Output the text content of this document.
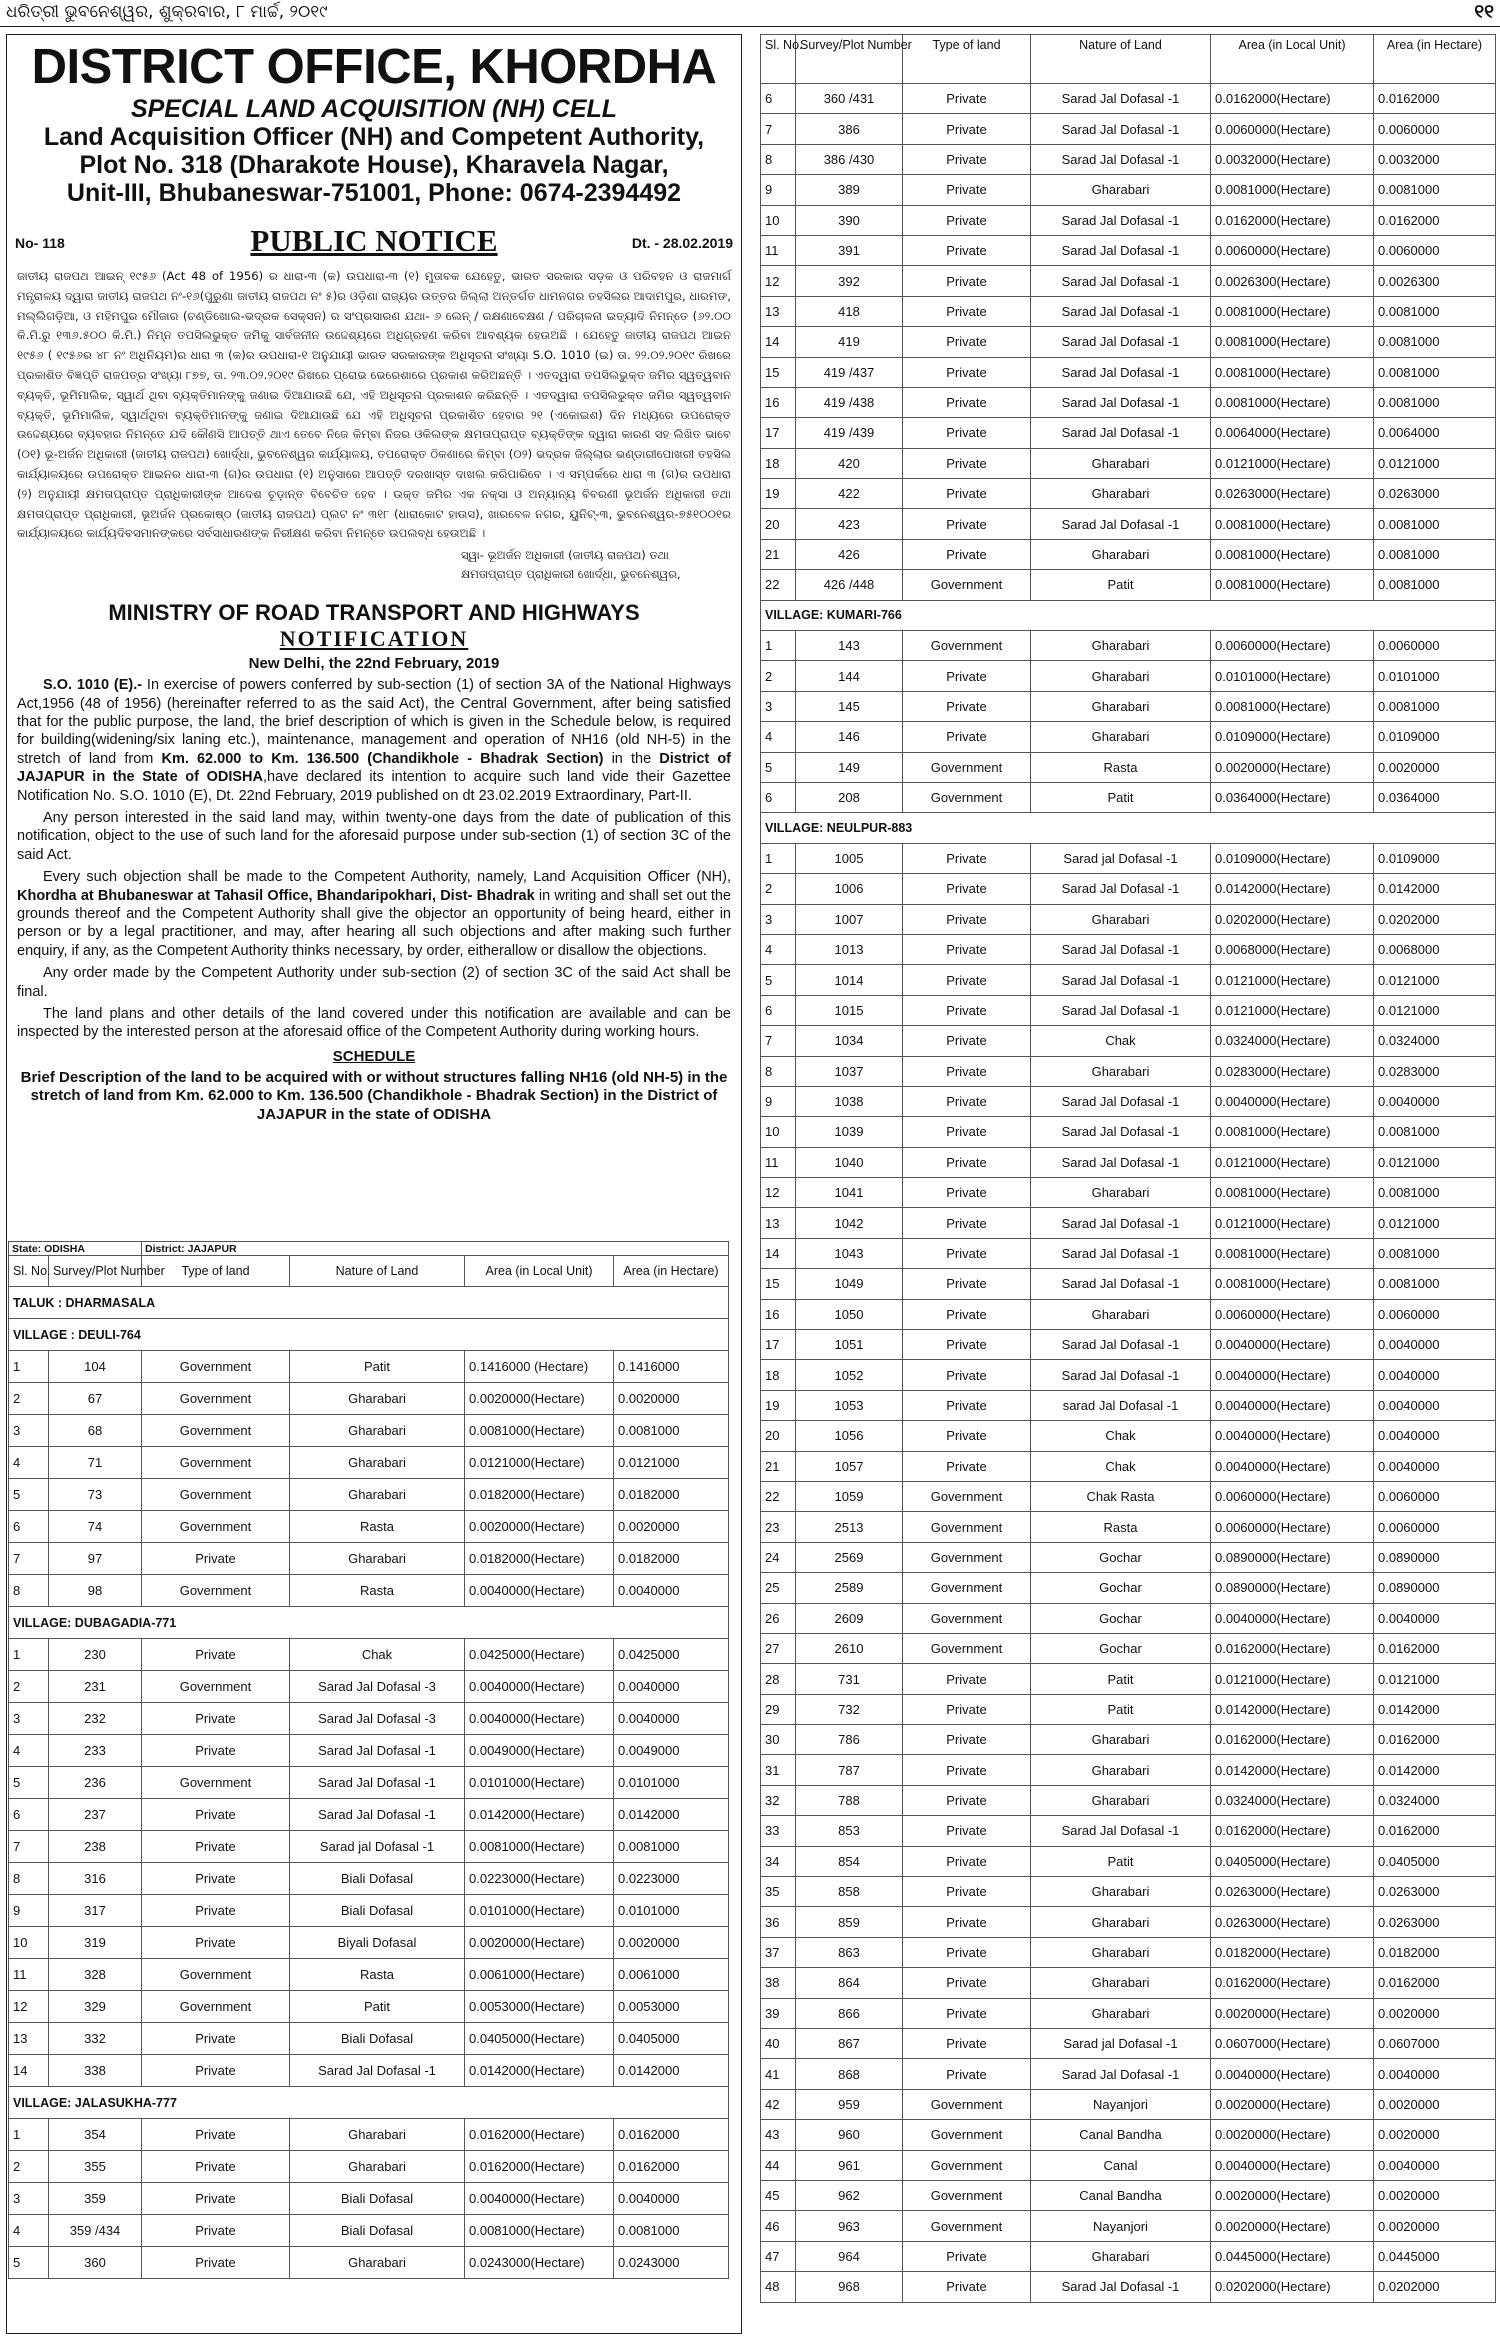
ଧରିତ୍ରୀ ଭୁବନେଶ୍ୱର, ଶୁକ୍ରବାର, ୮ ମାର୍ଚ୍ଚ, ୨୦୧୯	୧୧
DISTRICT OFFICE, KHORDHA
SPECIAL LAND ACQUISITION (NH) CELL
Land Acquisition Officer (NH) and Competent Authority,
Plot No. 318 (Dharakote House), Kharavela Nagar,
Unit-III, Bhubaneswar-751001, Phone: 0674-2394492
No- 118	PUBLIC NOTICE	Dt. - 28.02.2019
ଜାତୀୟ ରାଜପଥ ଆଇନ୍ ୧୯୫୬ (Act 48 of 1956) ର ଧାରା-୩ (କ) ଉପଧାରା-୩ (୧) ମୁତାବକ ଯେହେତୁ, ଭାରତ ସରକାର ସଡ଼କ ଓ ପରିବହନ ଓ ରାଜମାର୍ଗ ମନ୍ତ୍ରାଳୟ ଦ୍ୱାରା ଜାତୀୟ ରାଜପଥ ନଂ-୧୬(ପୁରୁଣା ଜାତୀୟ ରାଜପଥ ନଂ ୫)ର ଓଡ଼ିଶା ରାଜ୍ୟର ଉତ୍ତର ଜିଲ୍ଲା ଅନ୍ତର୍ଗତ ଧାମନଗର ତହସିଲର ଆଦାମପୁର, ଧାରମଙ, ମଲ୍ଲିଗଡ଼ିଆ, ଓ ମହିମପୁର ମୌଜାର (ଚଣ୍ଡିଖୋଲ-ଭଦ୍ରକ ସେକ୍ସନ) ର ସଂପ୍ରସାରଣ ଯଥା- ୬ ଲେନ୍ / ରକ୍ଷଣାବେକ୍ଷଣ / ପରିଚାଳନା ଇତ୍ୟାଦି ନିମନ୍ତେ (୬୨.୦୦ କି.ମି.ରୁ ୧୩୬.୫୦୦ କି.ମି.) ନିମ୍ନ ତପସିଲଭୁକ୍ତ ଜମିକୁ ସାର୍ବଜନୀନ ଉଦ୍ଦେଶ୍ୟରେ ଅଧିଗ୍ରହଣ କରିବା ଆବଶ୍ୟକ ହେଉଅଛି । ଯେହେତୁ ଜାତୀୟ ରାଜପଥ ଆଇନ ୧୯୫୬ ( ୧୯୫୬ର ୪୮ ନଂ ଅଧିନିୟମ)ର ଧାରା ୩ (କ)ର ଉପଧାରା-୧ ଅନୁଯାୟୀ ଭାରତ ସରକାରଙ୍କ ଅଧିସୂଚନା ସଂଖ୍ୟା S.O. 1010 (ଇ) ତା. ୨୨.୦୨.୨୦୧୯ ରିଖରେ ପ୍ରକାଶିତ ବିଜ୍ଞପ୍ତି ରାଜପତ୍ର ସଂଖ୍ୟା ୮୭୭, ତା. ୨୩.୦୨.୨୦୧୯ ରିଖରେ ପ୍ରୋଭ ଭେରେଶାରେ ପ୍ରକାଶ କରିଅଛନ୍ତି । ଏତଦ୍ୱାରା ତପସିଲଭୁକ୍ତ ଜମିର ସ୍ୱତ୍ୱବାନ ବ୍ୟକ୍ତି, ଭୂମିମାଲିକ, ସ୍ୱାର୍ଥ ଥିବା ବ୍ୟକ୍ତିମାନଙ୍କୁ ଜଣାଇ ଦିଆଯାଉଛି ଯେ, ଏହି ଅଧିସୂଚନା ପ୍ରକାଶନ କରିଛନ୍ତି । ଏତଦ୍ୱାରା ତପସିଲଭୁକ୍ତ ଜମିର ସ୍ୱତ୍ୱବାନ ବ୍ୟକ୍ତି, ଭୂମିମାଲିକ, ସ୍ୱାର୍ଥଥିବା ବ୍ୟକ୍ତିମାନଙ୍କୁ ଜଣାଇ ଦିଆଯାଉଛି ଯେ ଏହି ଅଧିସୂଚନା ପ୍ରକାଶିତ ହେବାର ୨୧ (ଏକୋଇଶ) ଦିନ ମଧ୍ୟରେ ଉପରୋକ୍ତ ଉଦ୍ଦେଶ୍ୟରେ ବ୍ୟବହାର ନିମନ୍ତେ ଯଦି କୌଣସି ଆପତ୍ତି ଥାଏ ତେବେ ନିଜେ କିମ୍ବା ନିଜର ଓକିଲଙ୍କ କ୍ଷମତାପ୍ରାପ୍ତ ବ୍ୟକ୍ତିଙ୍କ ଦ୍ୱାରା କାରଣ ସହ ଲିଖିତ ଭାବେ (୦୧) ଭୂ-ଅର୍ଜନ ଅଧିକାରୀ (ଜାତୀୟ ରାଜପଥ) ଖୋର୍ଦ୍ଧା, ଭୁବନେଶ୍ୱର କାର୍ଯ୍ୟାଳୟ, ତପରୋକ୍ତ ଠିକଣାରେ କିମ୍ବା (୦୨) ଭଦ୍ରକ ଜିଲ୍ଲାର ଭଣ୍ଡାରୀପୋଖରୀ ତହସିଲ କାର୍ଯ୍ୟାଳୟରେ ଉପରୋକ୍ତ ଆଇନର ଧାରା-୩ (ଗ)ର ଉପଧାରା (୧) ଅନୁସାରେ ଆପତ୍ତି ଦରଖାସ୍ତ ଦାଖଲ କରିପାରିବେ । ଏ ସମ୍ପର୍କରେ ଧାରା ୩ (ଗ)ର ଉପଧାରା (୨) ଅନୁଯାୟୀ କ୍ଷମତାପ୍ରାପ୍ତ ପ୍ରାଧିକାରୀଙ୍କ ଆଦେଶ ଚୂଡ଼ାନ୍ତ ବିବେଚିତ ହେବ । ଉକ୍ତ ଜମିର ଏକ ନକ୍ସା ଓ ଅନ୍ୟାନ୍ୟ ବିବରଣୀ ଭୂଅର୍ଜନ ଅଧିକାରୀ ତଥା କ୍ଷମତାପ୍ରାପ୍ତ ପ୍ରାଧିକାରୀ, ଭୂଅର୍ଜନ ପ୍ରକୋଷ୍ଠ (ଜାତୀୟ ରାଜପଥ) ପ୍ଲଟ ନଂ ୩୧୮ (ଧାରାକୋଟ ହାଉସ), ଖାରବେଳ ନଗର, ୟୁନିଟ୍-୩, ଭୁବନେଶ୍ୱର-୭୫୧୦୦୧ର କାର୍ଯ୍ୟାଳୟରେ କାର୍ଯ୍ୟଦିବସମାନଙ୍କରେ ସର୍ବସାଧାରଣଙ୍କ ନିରୀକ୍ଷଣ କରିବା ନିମନ୍ତେ ଉପଲବ୍ଧ ହେଉଅଛି ।
ସ୍ୱା- ଭୂଅର୍ଜନ ଅଧିକାରୀ (ଜାତୀୟ ରାଜପଥ) ତଥା
କ୍ଷମତାପ୍ରାପ୍ତ ପ୍ରାଧିକାରୀ ଖୋର୍ଦ୍ଧା, ଭୁବନେଶ୍ୱର,
MINISTRY OF ROAD TRANSPORT AND HIGHWAYS
NOTIFICATION
New Delhi, the 22nd February, 2019
S.O. 1010 (E).- In exercise of powers conferred by sub-section (1) of section 3A of the National Highways Act,1956 (48 of 1956) (hereinafter referred to as the said Act), the Central Government, after being satisfied that for the public purpose, the land, the brief description of which is given in the Schedule below, is required for building(widening/six laning etc.), maintenance, management and operation of NH16 (old NH-5) in the stretch of land from Km. 62.000 to Km. 136.500 (Chandikhole - Bhadrak Section) in the District of JAJAPUR in the State of ODISHA,have declared its intention to acquire such land vide their Gazettee Notification No. S.O. 1010 (E), Dt. 22nd February, 2019 published on dt 23.02.2019 Extraordinary, Part-II.
Any person interested in the said land may, within twenty-one days from the date of publication of this notification, object to the use of such land for the aforesaid purpose under sub-section (1) of section 3C of the said Act.
Every such objection shall be made to the Competent Authority, namely, Land Acquisition Officer (NH), Khordha at Bhubaneswar at Tahasil Office, Bhandaripokhari, Dist- Bhadrak in writing and shall set out the grounds thereof and the Competent Authority shall give the objector an opportunity of being heard, either in person or by a legal practitioner, and may, after hearing all such objections and after making such further enquiry, if any, as the Competent Authority thinks necessary, by order, eitherallow or disallow the objections.
Any order made by the Competent Authority under sub-section (2) of section 3C of the said Act shall be final.
The land plans and other details of the land covered under this notification are available and can be inspected by the interested person at the aforesaid office of the Competent Authority during working hours.
SCHEDULE
Brief Description of the land to be acquired with or without structures falling NH16 (old NH-5) in the stretch of land from Km. 62.000 to Km. 136.500 (Chandikhole - Bhadrak Section) in the District of JAJAPUR in the state of ODISHA
State: ODISHA		District: JAJAPUR			
Sl. No.	Survey/Plot Number	Type of land	Nature of Land	Area (in Local Unit)	Area (in Hectare)
TALUK : DHARMASALA					
VILLAGE : DEULI-764					
1	104	Government	Patit	0.1416000 (Hectare)	0.1416000
2	67	Government	Gharabari	0.0020000(Hectare)	0.0020000
3	68	Government	Gharabari	0.0081000(Hectare)	0.0081000
4	71	Government	Gharabari	0.0121000(Hectare)	0.0121000
5	73	Government	Gharabari	0.0182000(Hectare)	0.0182000
6	74	Government	Rasta	0.0020000(Hectare)	0.0020000
7	97	Private	Gharabari	0.0182000(Hectare)	0.0182000
8	98	Government	Rasta	0.0040000(Hectare)	0.0040000
VILLAGE: DUBAGADIA-771					
1	230	Private	Chak	0.0425000(Hectare)	0.0425000
2	231	Government	Sarad Jal Dofasal -3	0.0040000(Hectare)	0.0040000
3	232	Private	Sarad Jal Dofasal -3	0.0040000(Hectare)	0.0040000
4	233	Private	Sarad Jal Dofasal -1	0.0049000(Hectare)	0.0049000
5	236	Government	Sarad Jal Dofasal -1	0.0101000(Hectare)	0.0101000
6	237	Private	Sarad Jal Dofasal -1	0.0142000(Hectare)	0.0142000
7	238	Private	Sarad jal Dofasal -1	0.0081000(Hectare)	0.0081000
8	316	Private	Biali Dofasal	0.0223000(Hectare)	0.0223000
9	317	Private	Biali Dofasal	0.0101000(Hectare)	0.0101000
10	319	Private	Biyali Dofasal	0.0020000(Hectare)	0.0020000
11	328	Government	Rasta	0.0061000(Hectare)	0.0061000
12	329	Government	Patit	0.0053000(Hectare)	0.0053000
13	332	Private	Biali Dofasal	0.0405000(Hectare)	0.0405000
14	338	Private	Sarad Jal Dofasal -1	0.0142000(Hectare)	0.0142000
VILLAGE: JALASUKHA-777					
1	354	Private	Gharabari	0.0162000(Hectare)	0.0162000
2	355	Private	Gharabari	0.0162000(Hectare)	0.0162000
3	359	Private	Biali Dofasal	0.0040000(Hectare)	0.0040000
4	359 /434	Private	Biali Dofasal	0.0081000(Hectare)	0.0081000
5	360	Private	Gharabari	0.0243000(Hectare)	0.0243000
Sl. No.	Survey/Plot Number	Type of land	Nature of Land	Area (in Local Unit)	Area (in Hectare)
6	360 /431	Private	Sarad Jal Dofasal -1	0.0162000(Hectare)	0.0162000
7	386	Private	Sarad Jal Dofasal -1	0.0060000(Hectare)	0.0060000
8	386 /430	Private	Sarad Jal Dofasal -1	0.0032000(Hectare)	0.0032000
9	389	Private	Gharabari	0.0081000(Hectare)	0.0081000
10	390	Private	Sarad Jal Dofasal -1	0.0162000(Hectare)	0.0162000
11	391	Private	Sarad Jal Dofasal -1	0.0060000(Hectare)	0.0060000
12	392	Private	Sarad Jal Dofasal -1	0.0026300(Hectare)	0.0026300
13	418	Private	Sarad Jal Dofasal -1	0.0081000(Hectare)	0.0081000
14	419	Private	Sarad Jal Dofasal -1	0.0081000(Hectare)	0.0081000
15	419 /437	Private	Sarad Jal Dofasal -1	0.0081000(Hectare)	0.0081000
16	419 /438	Private	Sarad Jal Dofasal -1	0.0081000(Hectare)	0.0081000
17	419 /439	Private	Sarad Jal Dofasal -1	0.0064000(Hectare)	0.0064000
18	420	Private	Gharabari	0.0121000(Hectare)	0.0121000
19	422	Private	Gharabari	0.0263000(Hectare)	0.0263000
20	423	Private	Sarad Jal Dofasal -1	0.0081000(Hectare)	0.0081000
21	426	Private	Gharabari	0.0081000(Hectare)	0.0081000
22	426 /448	Government	Patit	0.0081000(Hectare)	0.0081000
VILLAGE: KUMARI-766					
1	143	Government	Gharabari	0.0060000(Hectare)	0.0060000
2	144	Private	Gharabari	0.0101000(Hectare)	0.0101000
3	145	Private	Gharabari	0.0081000(Hectare)	0.0081000
4	146	Private	Gharabari	0.0109000(Hectare)	0.0109000
5	149	Government	Rasta	0.0020000(Hectare)	0.0020000
6	208	Government	Patit	0.0364000(Hectare)	0.0364000
VILLAGE: NEULPUR-883					
1	1005	Private	Sarad jal Dofasal -1	0.0109000(Hectare)	0.0109000
2	1006	Private	Sarad Jal Dofasal -1	0.0142000(Hectare)	0.0142000
3	1007	Private	Gharabari	0.0202000(Hectare)	0.0202000
4	1013	Private	Sarad Jal Dofasal -1	0.0068000(Hectare)	0.0068000
5	1014	Private	Sarad Jal Dofasal -1	0.0121000(Hectare)	0.0121000
6	1015	Private	Sarad Jal Dofasal -1	0.0121000(Hectare)	0.0121000
7	1034	Private	Chak	0.0324000(Hectare)	0.0324000
8	1037	Private	Gharabari	0.0283000(Hectare)	0.0283000
9	1038	Private	Sarad Jal Dofasal -1	0.0040000(Hectare)	0.0040000
10	1039	Private	Sarad Jal Dofasal -1	0.0081000(Hectare)	0.0081000
11	1040	Private	Sarad Jal Dofasal -1	0.0121000(Hectare)	0.0121000
12	1041	Private	Gharabari	0.0081000(Hectare)	0.0081000
13	1042	Private	Sarad Jal Dofasal -1	0.0121000(Hectare)	0.0121000
14	1043	Private	Sarad Jal Dofasal -1	0.0081000(Hectare)	0.0081000
15	1049	Private	Sarad Jal Dofasal -1	0.0081000(Hectare)	0.0081000
16	1050	Private	Gharabari	0.0060000(Hectare)	0.0060000
17	1051	Private	Sarad Jal Dofasal -1	0.0040000(Hectare)	0.0040000
18	1052	Private	Sarad Jal Dofasal -1	0.0040000(Hectare)	0.0040000
19	1053	Private	sarad Jal Dofasal -1	0.0040000(Hectare)	0.0040000
20	1056	Private	Chak	0.0040000(Hectare)	0.0040000
21	1057	Private	Chak	0.0040000(Hectare)	0.0040000
22	1059	Government	Chak Rasta	0.0060000(Hectare)	0.0060000
23	2513	Government	Rasta	0.0060000(Hectare)	0.0060000
24	2569	Government	Gochar	0.0890000(Hectare)	0.0890000
25	2589	Government	Gochar	0.0890000(Hectare)	0.0890000
26	2609	Government	Gochar	0.0040000(Hectare)	0.0040000
27	2610	Government	Gochar	0.0162000(Hectare)	0.0162000
28	731	Private	Patit	0.0121000(Hectare)	0.0121000
29	732	Private	Patit	0.0142000(Hectare)	0.0142000
30	786	Private	Gharabari	0.0162000(Hectare)	0.0162000
31	787	Private	Gharabari	0.0142000(Hectare)	0.0142000
32	788	Private	Gharabari	0.0324000(Hectare)	0.0324000
33	853	Private	Sarad Jal Dofasal -1	0.0162000(Hectare)	0.0162000
34	854	Private	Patit	0.0405000(Hectare)	0.0405000
35	858	Private	Gharabari	0.0263000(Hectare)	0.0263000
36	859	Private	Gharabari	0.0263000(Hectare)	0.0263000
37	863	Private	Gharabari	0.0182000(Hectare)	0.0182000
38	864	Private	Gharabari	0.0162000(Hectare)	0.0162000
39	866	Private	Gharabari	0.0020000(Hectare)	0.0020000
40	867	Private	Sarad jal Dofasal -1	0.0607000(Hectare)	0.0607000
41	868	Private	Sarad Jal Dofasal -1	0.0040000(Hectare)	0.0040000
42	959	Government	Nayanjori	0.0020000(Hectare)	0.0020000
43	960	Government	Canal Bandha	0.0020000(Hectare)	0.0020000
44	961	Government	Canal	0.0040000(Hectare)	0.0040000
45	962	Government	Canal Bandha	0.0020000(Hectare)	0.0020000
46	963	Government	Nayanjori	0.0020000(Hectare)	0.0020000
47	964	Private	Gharabari	0.0445000(Hectare)	0.0445000
48	968	Private	Sarad Jal Dofasal -1	0.0202000(Hectare)	0.0202000
